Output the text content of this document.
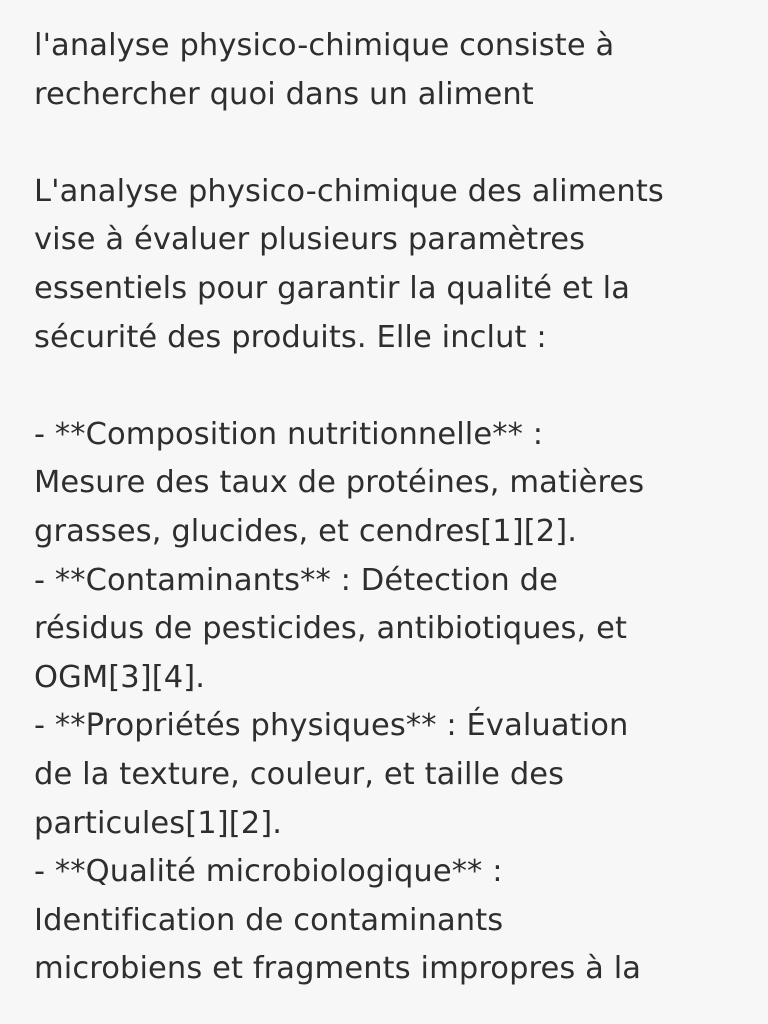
l'analyse physico-chimique consiste à
rechercher quoi dans un aliment
L'analyse physico-chimique des aliments
vise à évaluer plusieurs paramètres
essentiels pour garantir la qualité et la
sécurité des produits. Elle inclut :
- **Composition nutritionnelle** :
Mesure des taux de protéines, matières
grasses, glucides, et cendres[1][2].
- **Contaminants** : Détection de
résidus de pesticides, antibiotiques, et
OGM[3][4].
- **Propriétés physiques** : Évaluation
de la texture, couleur, et taille des
particules[1][2].
- **Qualité microbiologique** :
Identification de contaminants
microbiens et fragments impropres à la
